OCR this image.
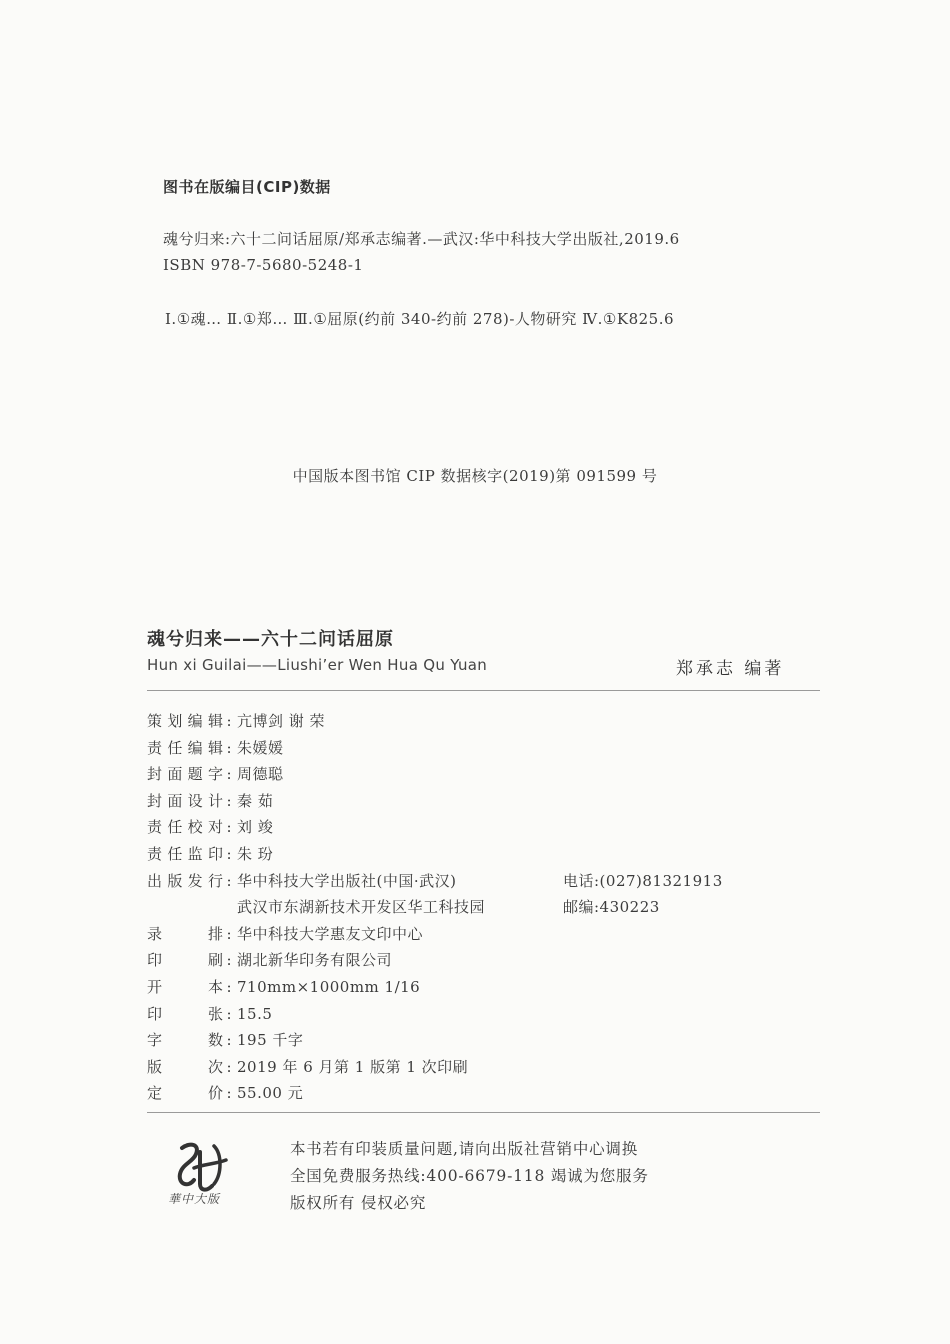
图书在版编目(CIP)数据
魂兮归来:六十二问话屈原/郑承志编著.—武汉:华中科技大学出版社,2019.6
ISBN 978-7-5680-5248-1
Ⅰ.①魂… Ⅱ.①郑… Ⅲ.①屈原(约前 340-约前 278)-人物研究 Ⅳ.①K825.6
中国版本图书馆 CIP 数据核字(2019)第 091599 号
魂兮归来——六十二问话屈原
Hun xi Guilai——Liushi’er Wen Hua Qu Yuan	郑承志 编著
策划编辑 : 亢博剑 谢 荣
责任编辑 : 朱媛媛
封面题字 : 周德聪
封面设计 : 秦 茹
责任校对 : 刘 竣
责任监印 : 朱 玢
出版发行 : 华中科技大学出版社(中国·武汉)	电话:(027)81321913
武汉市东湖新技术开发区华工科技园	邮编:430223
录排 : 华中科技大学惠友文印中心
印刷 : 湖北新华印务有限公司
开本 : 710mm×1000mm 1/16
印张 : 15.5
字数 : 195 千字
版次 : 2019 年 6 月第 1 版第 1 次印刷
定价 : 55.00 元
華中大版
本书若有印装质量问题,请向出版社营销中心调换
全国免费服务热线:400-6679-118 竭诚为您服务
版权所有 侵权必究
